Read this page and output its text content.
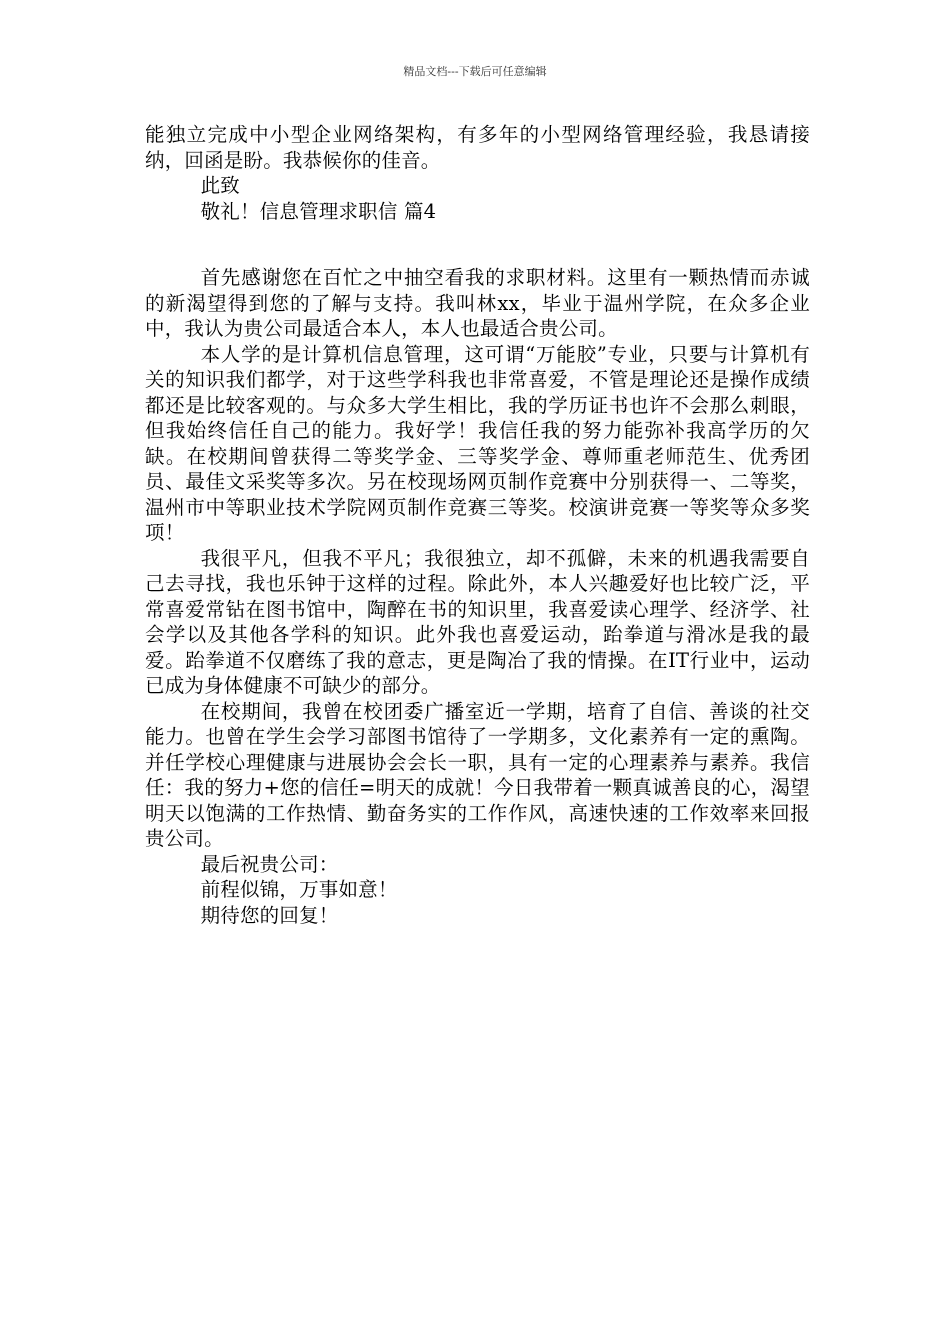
精品文档---下载后可任意编辑

能独立完成中小型企业网络架构，有多年的小型网络管理经验，我恳请接纳，回函是盼。我恭候你的佳音。

此致

敬礼！信息管理求职信 篇4

首先感谢您在百忙之中抽空看我的求职材料。这里有一颗热情而赤诚的新渴望得到您的了解与支持。我叫林xx，毕业于温州学院，在众多企业中，我认为贵公司最适合本人，本人也最适合贵公司。

本人学的是计算机信息管理，这可谓“万能胶”专业，只要与计算机有关的知识我们都学，对于这些学科我也非常喜爱，不管是理论还是操作成绩都还是比较客观的。与众多大学生相比，我的学历证书也许不会那么刺眼，但我始终信任自己的能力。我好学！我信任我的努力能弥补我高学历的欠缺。在校期间曾获得二等奖学金、三等奖学金、尊师重老师范生、优秀团员、最佳文采奖等多次。另在校现场网页制作竞赛中分别获得一、二等奖，温州市中等职业技术学院网页制作竞赛三等奖。校演讲竞赛一等奖等众多奖项！

我很平凡，但我不平凡；我很独立，却不孤僻，未来的机遇我需要自己去寻找，我也乐钟于这样的过程。除此外，本人兴趣爱好也比较广泛，平常喜爱常钻在图书馆中，陶醉在书的知识里，我喜爱读心理学、经济学、社会学以及其他各学科的知识。此外我也喜爱运动，跆拳道与滑冰是我的最爱。跆拳道不仅磨练了我的意志，更是陶冶了我的情操。在IT行业中，运动已成为身体健康不可缺少的部分。

在校期间，我曾在校团委广播室近一学期，培育了自信、善谈的社交能力。也曾在学生会学习部图书馆待了一学期多，文化素养有一定的熏陶。并任学校心理健康与进展协会会长一职，具有一定的心理素养与素养。我信任：我的努力+您的信任=明天的成就！今日我带着一颗真诚善良的心，渴望明天以饱满的工作热情、勤奋务实的工作作风，高速快速的工作效率来回报贵公司。

最后祝贵公司：

前程似锦，万事如意！

期待您的回复！
